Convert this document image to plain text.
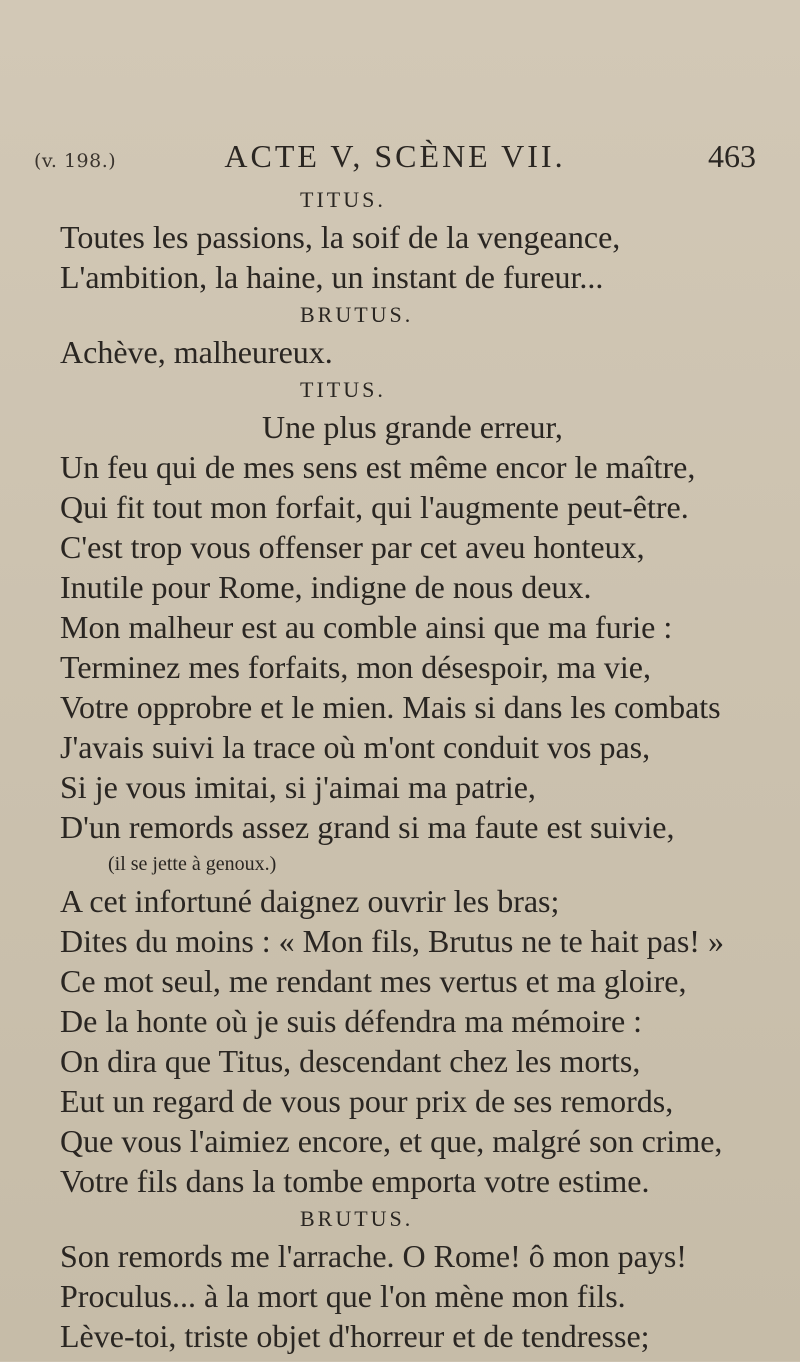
(v. 198.)	ACTE V, SCÈNE VII.	463
TITUS.
Toutes les passions, la soif de la vengeance,
L'ambition, la haine, un instant de fureur...
BRUTUS.
Achève, malheureux.
TITUS.
Une plus grande erreur,
Un feu qui de mes sens est même encor le maître,
Qui fit tout mon forfait, qui l'augmente peut-être.
C'est trop vous offenser par cet aveu honteux,
Inutile pour Rome, indigne de nous deux.
Mon malheur est au comble ainsi que ma furie :
Terminez mes forfaits, mon désespoir, ma vie,
Votre opprobre et le mien. Mais si dans les combats
J'avais suivi la trace où m'ont conduit vos pas,
Si je vous imitai, si j'aimai ma patrie,
D'un remords assez grand si ma faute est suivie,
(il se jette à genoux.)
A cet infortuné daignez ouvrir les bras;
Dites du moins : « Mon fils, Brutus ne te hait pas! »
Ce mot seul, me rendant mes vertus et ma gloire,
De la honte où je suis défendra ma mémoire :
On dira que Titus, descendant chez les morts,
Eut un regard de vous pour prix de ses remords,
Que vous l'aimiez encore, et que, malgré son crime,
Votre fils dans la tombe emporta votre estime.
BRUTUS.
Son remords me l'arrache. O Rome! ô mon pays!
Proculus... à la mort que l'on mène mon fils.
Lève-toi, triste objet d'horreur et de tendresse;
